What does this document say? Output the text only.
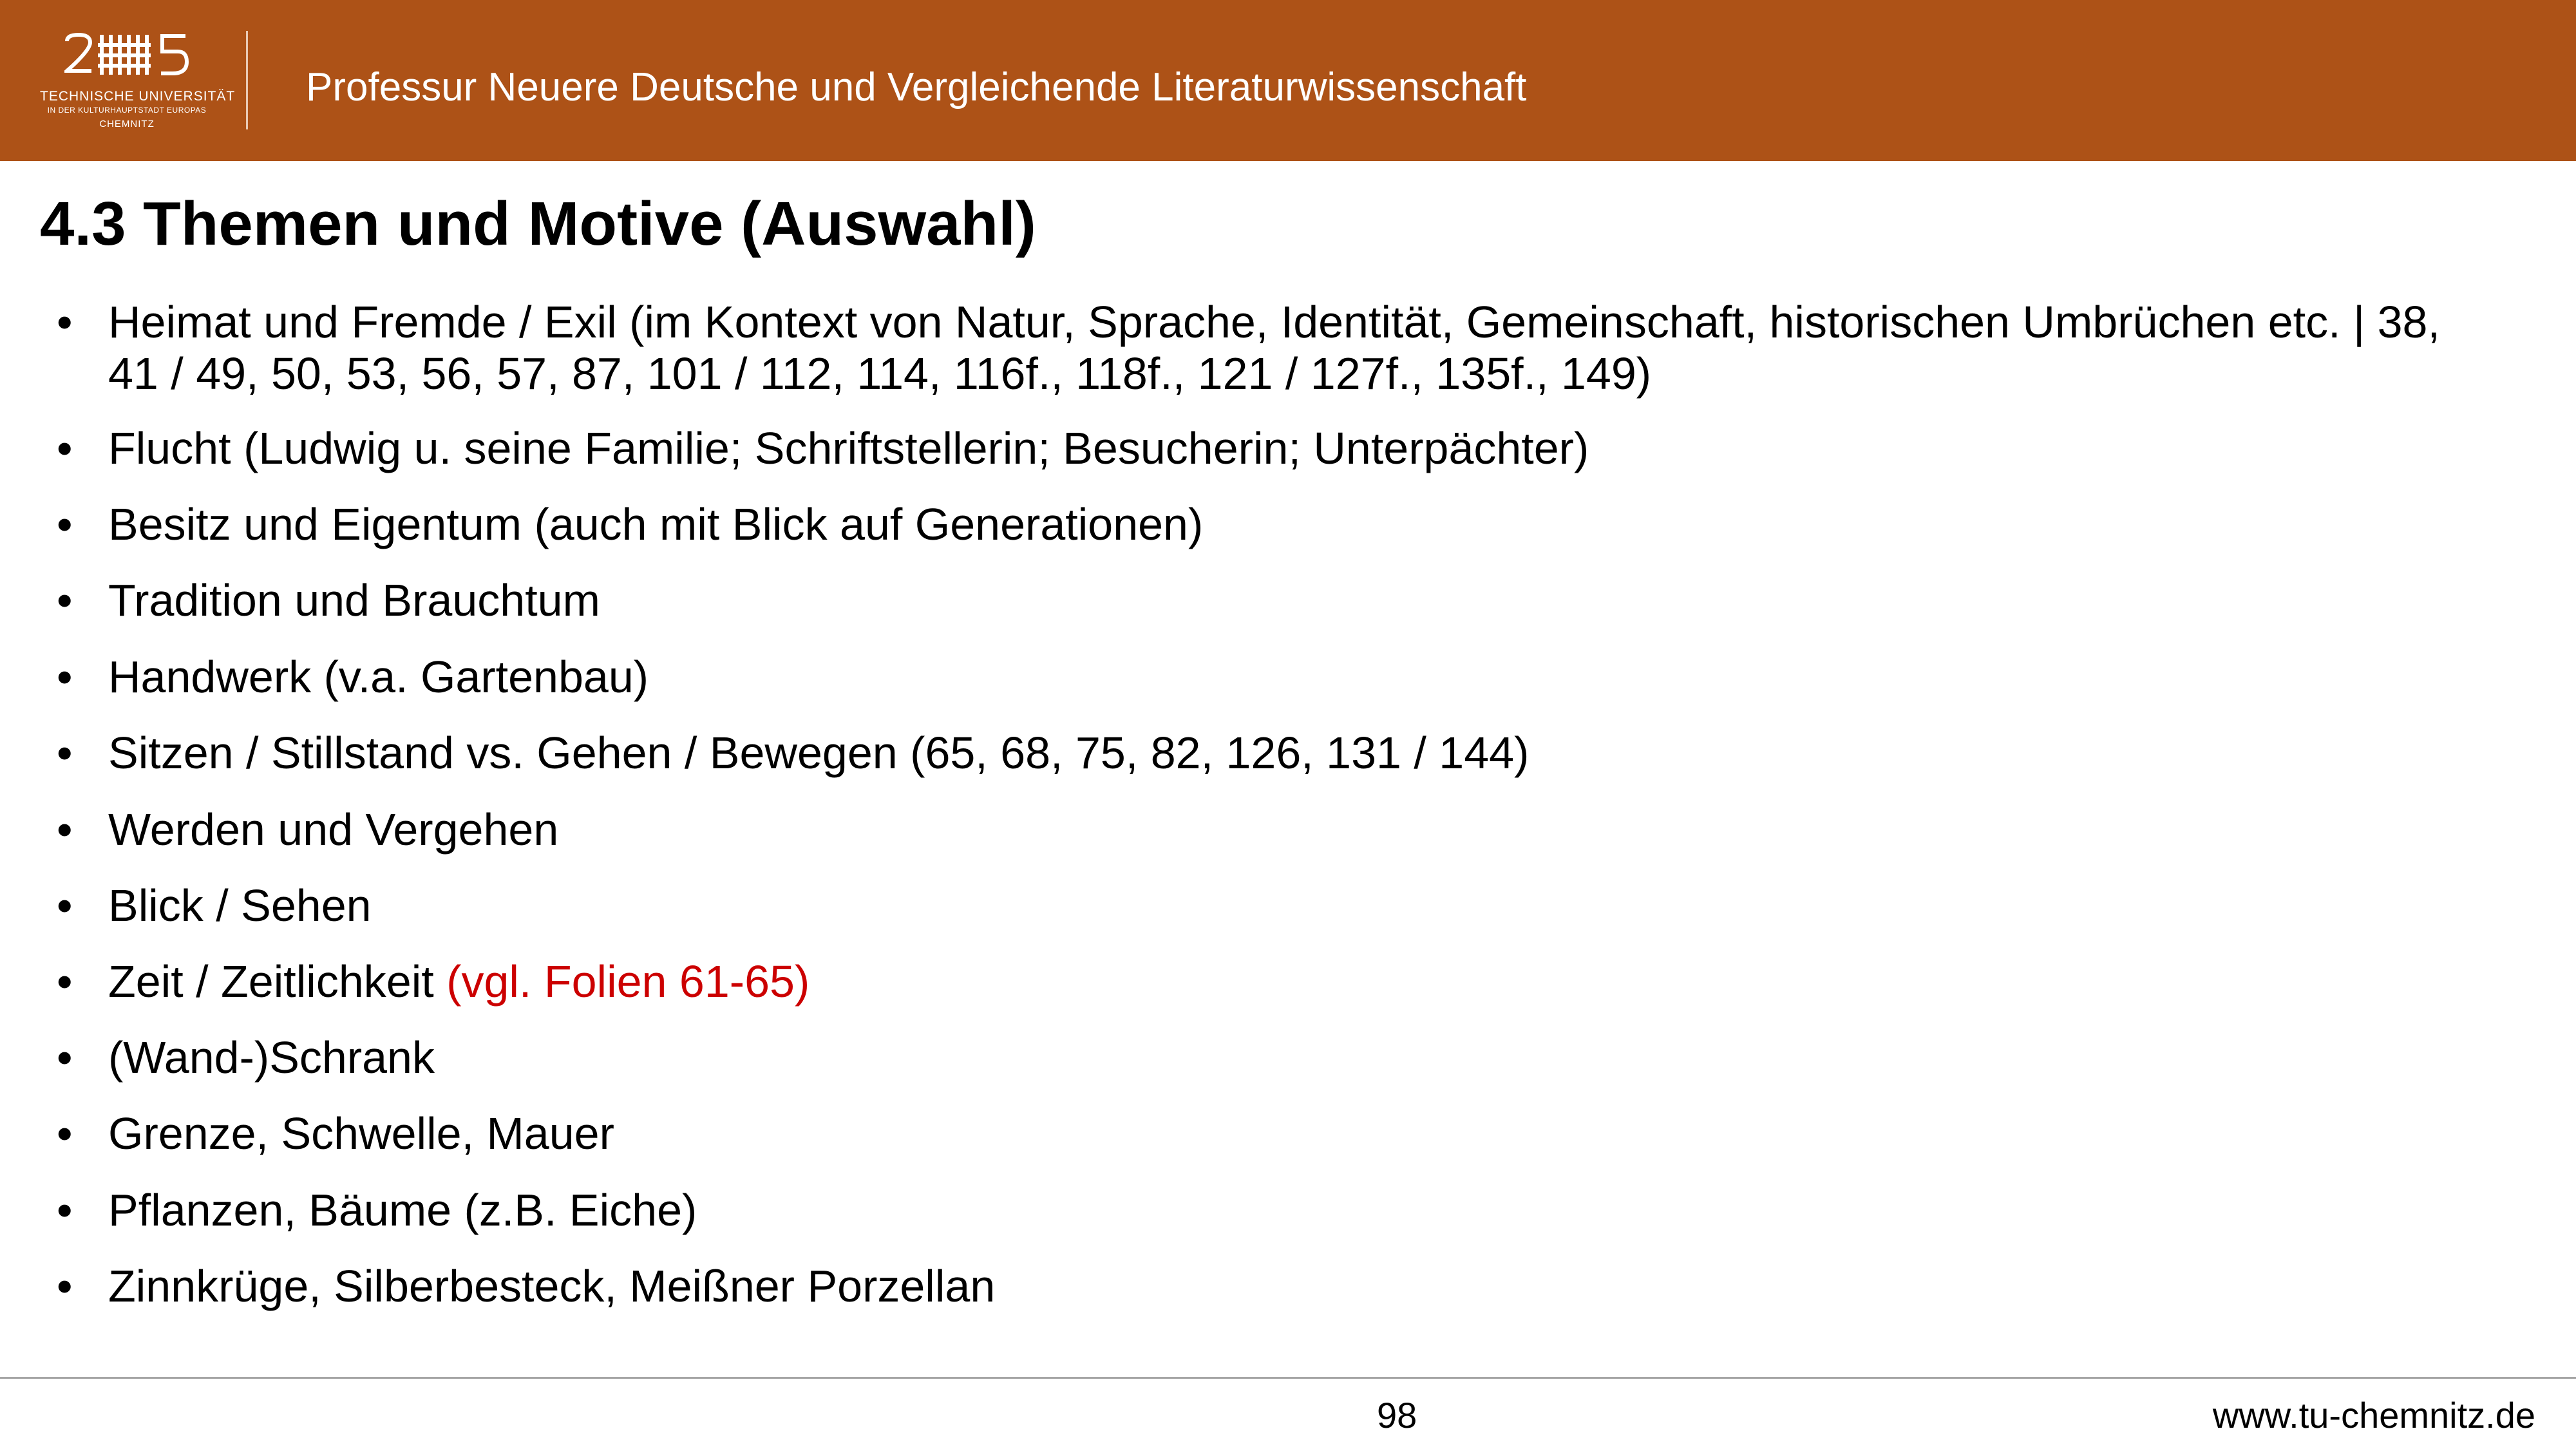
TECHNISCHE UNIVERSITÄT
IN DER KULTURHAUPTSTADT EUROPAS
CHEMNITZ
Professur Neuere Deutsche und Vergleichende Literaturwissenschaft
4.3 Themen und Motive (Auswahl)
• Heimat und Fremde / Exil (im Kontext von Natur, Sprache, Identität, Gemeinschaft, historischen Umbrüchen etc. | 38, 41 / 49, 50, 53, 56, 57, 87, 101 / 112, 114, 116f., 118f., 121 / 127f., 135f., 149)
• Flucht (Ludwig u. seine Familie; Schriftstellerin; Besucherin; Unterpächter)
• Besitz und Eigentum (auch mit Blick auf Generationen)
• Tradition und Brauchtum
• Handwerk (v.a. Gartenbau)
• Sitzen / Stillstand vs. Gehen / Bewegen (65, 68, 75, 82, 126, 131 / 144)
• Werden und Vergehen
• Blick / Sehen
• Zeit / Zeitlichkeit (vgl. Folien 61-65)
• (Wand-)Schrank
• Grenze, Schwelle, Mauer
• Pflanzen, Bäume (z.B. Eiche)
• Zinnkrüge, Silberbesteck, Meißner Porzellan
98	www.tu-chemnitz.de
